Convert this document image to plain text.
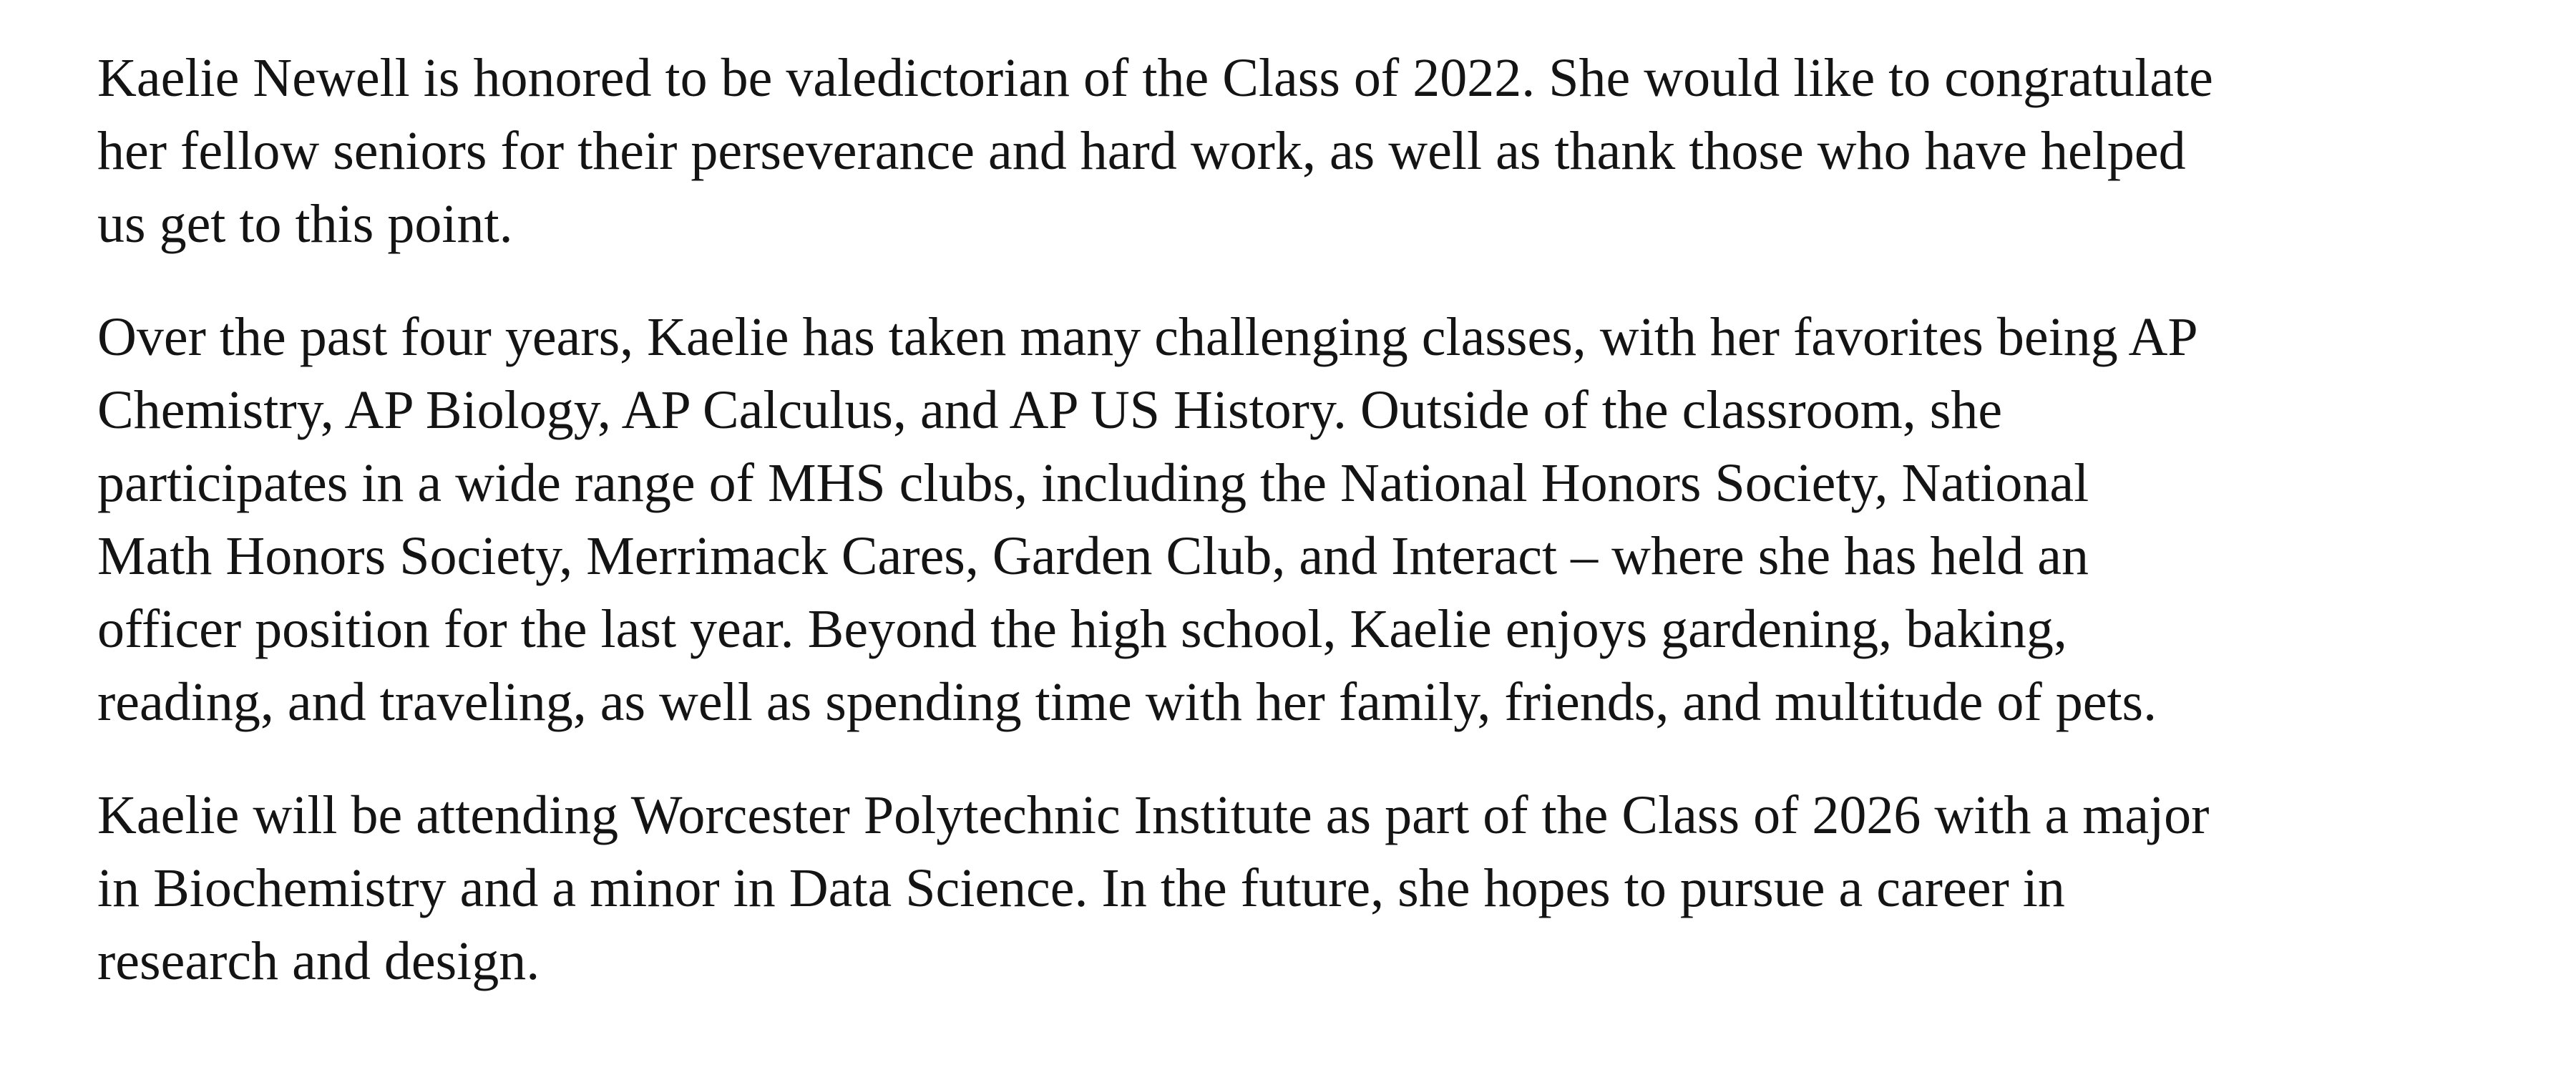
Kaelie Newell is honored to be valedictorian of the Class of 2022. She would like to congratulate
her fellow seniors for their perseverance and hard work, as well as thank those who have helped
us get to this point.

Over the past four years, Kaelie has taken many challenging classes, with her favorites being AP
Chemistry, AP Biology, AP Calculus, and AP US History. Outside of the classroom, she
participates in a wide range of MHS clubs, including the National Honors Society, National
Math Honors Society, Merrimack Cares, Garden Club, and Interact – where she has held an
officer position for the last year. Beyond the high school, Kaelie enjoys gardening, baking,
reading, and traveling, as well as spending time with her family, friends, and multitude of pets.

Kaelie will be attending Worcester Polytechnic Institute as part of the Class of 2026 with a major
in Biochemistry and a minor in Data Science. In the future, she hopes to pursue a career in
research and design.
